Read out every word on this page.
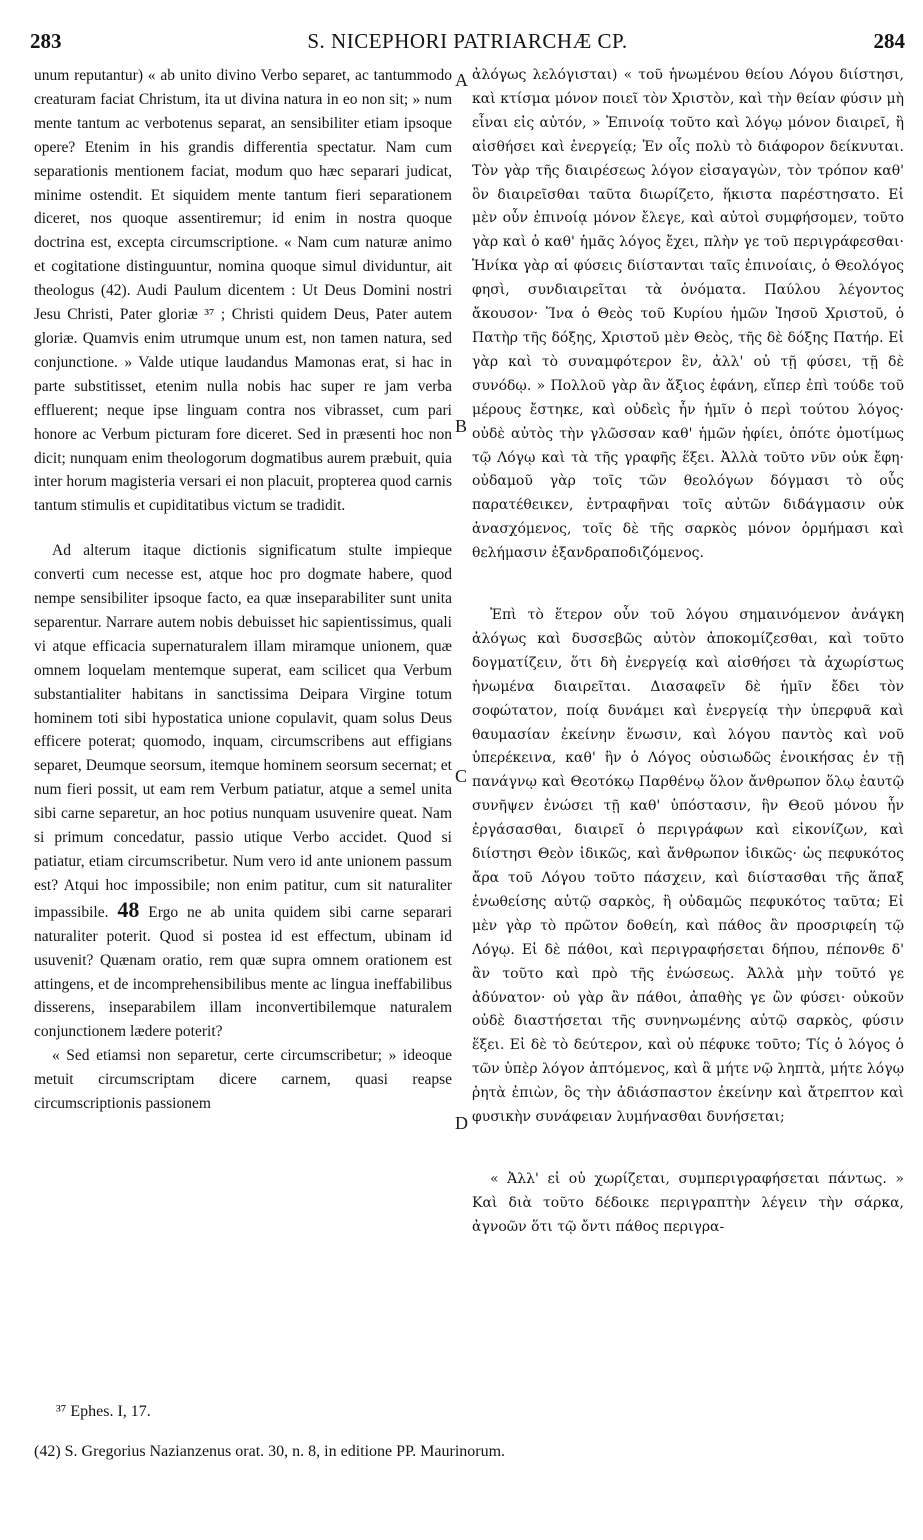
283	S. NICEPHORI PATRIARCHÆ CP.	284

unum reputantur) « ab unito divino Verbo separet, ac tantummodo creaturam faciat Christum, ita ut divina natura in eo non sit; » num mente tantum ac verbotenus separat, an sensibiliter etiam ipsoque opere? Etenim in his grandis differentia spectatur. Nam cum separationis mentionem faciat, modum quo hæc separari judicat, minime ostendit. Et siquidem mente tantum fieri separationem diceret, nos quoque assentiremur; id enim in nostra quoque doctrina est, excepta circumscriptione. « Nam cum naturæ animo et cogitatione distinguuntur, nomina quoque simul dividuntur, ait theologus (42). Audi Paulum dicentem : Ut Deus Domini nostri Jesu Christi, Pater gloriæ ³⁷ ; Christi quidem Deus, Pater autem gloriæ. Quamvis enim utrumque unum est, non tamen natura, sed conjunctione. » Valde utique laudandus Mamonas erat, si hac in parte substitisset, etenim nulla nobis hac super re jam verba effluerent; neque ipse linguam contra nos vibrasset, cum pari honore ac Verbum picturam fore diceret. Sed in præsenti hoc non dicit; nunquam enim theologorum dogmatibus aurem præbuit, quia inter horum magisteria versari ei non placuit, propterea quod carnis tantum stimulis et cupiditatibus victum se tradidit.

Ad alterum itaque dictionis significatum stulte impieque converti cum necesse est, atque hoc pro dogmate habere, quod nempe sensibiliter ipsoque facto, ea quæ inseparabiliter sunt unita separentur. Narrare autem nobis debuisset hic sapientissimus, quali vi atque efficacia supernaturalem illam miramque unionem, quæ omnem loquelam mentemque superat, eam scilicet qua Verbum substantialiter habitans in sanctissima Deipara Virgine totum hominem toti sibi hypostatica unione copulavit, quam solus Deus efficere poterat; quomodo, inquam, circumscribens aut effigians separet, Deumque seorsum, itemque hominem seorsum secernat; et num fieri possit, ut eam rem Verbum patiatur, atque a semel unita sibi carne separetur, an hoc potius nunquam usuvenire queat. Nam si primum concedatur, passio utique Verbo accidet. Quod si patiatur, etiam circumscribetur. Num vero id ante unionem passum est? Atqui hoc impossibile; non enim patitur, cum sit naturaliter impassibile. 48 Ergo ne ab unita quidem sibi carne separari naturaliter poterit. Quod si postea id est effectum, ubinam id usuvenit? Quænam oratio, rem quæ supra omnem orationem est attingens, et de incomprehensibilibus mente ac lingua ineffabilibus disserens, inseparabilem illam inconvertibilemque naturalem conjunctionem lædere poterit?

« Sed etiamsi non separetur, certe circumscribetur; » ideoque metuit circumscriptam dicere carnem, quasi reapse circumscriptionis passionem

ἀλόγως λελόγισται) « τοῦ ἡνωμένου θείου Λόγου διίστησι, καὶ κτίσμα μόνον ποιεῖ τὸν Χριστὸν, καὶ τὴν θείαν φύσιν μὴ εἶναι εἰς αὐτόν, » Ἐπινοίᾳ τοῦτο καὶ λόγῳ μόνον διαιρεῖ, ἢ αἰσθήσει καὶ ἐνεργείᾳ; Ἐν οἷς πολὺ τὸ διάφορον δείκνυται. Τὸν γὰρ τῆς διαιρέσεως λόγον εἰσαγαγὼν, τὸν τρόπον καθ' ὃν διαιρεῖσθαι ταῦτα διωρίζετο, ἥκιστα παρέστησατο. Εἰ μὲν οὖν ἐπινοίᾳ μόνον ἔλεγε, καὶ αὐτοὶ συμφήσομεν, τοῦτο γὰρ καὶ ὁ καθ' ἡμᾶς λόγος ἔχει, πλὴν γε τοῦ περιγράφεσθαι· Ἡνίκα γὰρ αἱ φύσεις διίστανται ταῖς ἐπινοίαις, ὁ Θεολόγος φησὶ, συνδιαιρεῖται τὰ ὀνόματα. Παύλου λέγοντος ἄκουσον· Ἵνα ὁ Θεὸς τοῦ Κυρίου ἡμῶν Ἰησοῦ Χριστοῦ, ὁ Πατὴρ τῆς δόξης, Χριστοῦ μὲν Θεὸς, τῆς δὲ δόξης Πατήρ. Εἰ γὰρ καὶ τὸ συναμφότερον ἓν, ἀλλ' οὐ τῇ φύσει, τῇ δὲ συνόδῳ. » Πολλοῦ γὰρ ἂν ἄξιος ἐφάνη, εἴπερ ἐπὶ τούδε τοῦ μέρους ἔστηκε, καὶ οὐδεὶς ἦν ἡμῖν ὁ περὶ τούτου λόγος· οὐδὲ αὐτὸς τὴν γλῶσσαν καθ' ἡμῶν ἠφίει, ὁπότε ὁμοτίμως τῷ Λόγῳ καὶ τὰ τῆς γραφῆς ἕξει. Ἀλλὰ τοῦτο νῦν οὐκ ἔφη· οὐδαμοῦ γὰρ τοῖς τῶν θεολόγων δόγμασι τὸ οὖς παρατέθεικεν, ἐντραφῆναι τοῖς αὐτῶν διδάγμασιν οὐκ ἀνασχόμενος, τοῖς δὲ τῆς σαρκὸς μόνον ὁρμήμασι καὶ θελήμασιν ἐξανδραποδιζόμενος.

Ἐπὶ τὸ ἕτερον οὖν τοῦ λόγου σημαινόμενον ἀνάγκη ἀλόγως καὶ δυσσεβῶς αὐτὸν ἀποκομίζεσθαι, καὶ τοῦτο δογματίζειν, ὅτι δὴ ἐνεργείᾳ καὶ αἰσθήσει τὰ ἀχωρίστως ἡνωμένα διαιρεῖται. Διασαφεῖν δὲ ἡμῖν ἔδει τὸν σοφώτατον, ποίᾳ δυνάμει καὶ ἐνεργείᾳ τὴν ὑπερφυᾶ καὶ θαυμασίαν ἐκείνην ἕνωσιν, καὶ λόγου παντὸς καὶ νοῦ ὑπερέκεινα, καθ' ἣν ὁ Λόγος οὐσιωδῶς ἐνοικήσας ἐν τῇ πανάγνῳ καὶ Θεοτόκῳ Παρθένῳ ὅλον ἄνθρωπον ὅλῳ ἑαυτῷ συνῆψεν ἑνώσει τῇ καθ' ὑπόστασιν, ἣν Θεοῦ μόνου ἦν ἐργάσασθαι, διαιρεῖ ὁ περιγράφων καὶ εἰκονίζων, καὶ διίστησι Θεὸν ἰδικῶς, καὶ ἄνθρωπον ἰδικῶς· ὡς πεφυκότος ἄρα τοῦ Λόγου τοῦτο πάσχειν, καὶ διίστασθαι τῆς ἅπαξ ἑνωθείσης αὐτῷ σαρκὸς, ἢ οὐδαμῶς πεφυκότος ταῦτα; Εἰ μὲν γὰρ τὸ πρῶτον δοθείη, καὶ πάθος ἂν προσριφείη τῷ Λόγῳ. Εἰ δὲ πάθοι, καὶ περιγραφήσεται δήπου, πέπονθε δ' ἂν τοῦτο καὶ πρὸ τῆς ἑνώσεως. Ἀλλὰ μὴν τοῦτό γε ἀδύνατον· οὐ γὰρ ἂν πάθοι, ἀπαθὴς γε ὢν φύσει· οὐκοῦν οὐδὲ διαστήσεται τῆς συνηνωμένης αὐτῷ σαρκὸς, φύσιν ἕξει. Εἰ δὲ τὸ δεύτερον, καὶ οὐ πέφυκε τοῦτο; Τίς ὁ λόγος ὁ τῶν ὑπὲρ λόγον ἀπτόμενος, καὶ ἃ μήτε νῷ ληπτὰ, μήτε λόγῳ ῥητὰ ἐπιὼν, ὃς τὴν ἀδιάσπαστον ἐκείνην καὶ ἄτρεπτον καὶ φυσικὴν συνάφειαν λυμήνασθαι δυνήσεται;

« Ἀλλ' εἰ οὐ χωρίζεται, συμπεριγραφήσεται πάντως. » Καὶ διὰ τοῦτο δέδοικε περιγραπτὴν λέγειν τὴν σάρκα, ἀγνοῶν ὅτι τῷ ὄντι πάθος περιγρα-

A
B
C
D
³⁷ Ephes. I, 17.
(42) S. Gregorius Nazianzenus orat. 30, n. 8, in editione PP. Maurinorum.
